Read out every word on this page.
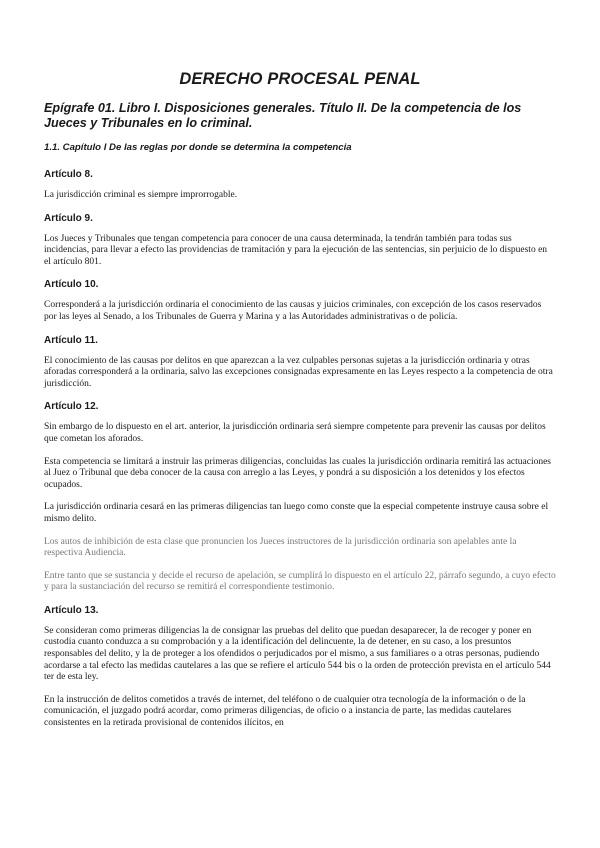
DERECHO PROCESAL PENAL
Epígrafe 01. Libro I. Disposiciones generales. Título II. De la competencia de los Jueces y Tribunales en lo criminal.
1.1. Capítulo I De las reglas por donde se determina la competencia
Artículo 8.

La jurisdicción criminal es siempre improrrogable.

Artículo 9.

Los Jueces y Tribunales que tengan competencia para conocer de una causa determinada, la tendrán también para todas sus incidencias, para llevar a efecto las providencias de tramitación y para la ejecución de las sentencias, sin perjuicio de lo dispuesto en el artículo 801.

Artículo 10.

Corresponderá a la jurisdicción ordinaria el conocimiento de las causas y juicios criminales, con excepción de los casos reservados por las leyes al Senado, a los Tribunales de Guerra y Marina y a las Autoridades administrativas o de policía.

Artículo 11.

El conocimiento de las causas por delitos en que aparezcan a la vez culpables personas sujetas a la jurisdicción ordinaria y otras aforadas corresponderá a la ordinaria, salvo las excepciones consignadas expresamente en las Leyes respecto a la competencia de otra jurisdicción.

Artículo 12.

Sin embargo de lo dispuesto en el art. anterior, la jurisdicción ordinaria será siempre competente para prevenir las causas por delitos que cometan los aforados.

Esta competencia se limitará a instruir las primeras diligencias, concluidas las cuales la jurisdicción ordinaria remitirá las actuaciones al Juez o Tribunal que deba conocer de la causa con arreglo a las Leyes, y pondrá a su disposición a los detenidos y los efectos ocupados.

La jurisdicción ordinaria cesará en las primeras diligencias tan luego como conste que la especial competente instruye causa sobre el mismo delito.

Los autos de inhibición de esta clase que pronuncien los Jueces instructores de la jurisdicción ordinaria son apelables ante la respectiva Audiencia.

Entre tanto que se sustancia y decide el recurso de apelación, se cumplirá lo dispuesto en el artículo 22, párrafo segundo, a cuyo efecto y para la sustanciación del recurso se remitirá el correspondiente testimonio.

Artículo 13.

Se consideran como primeras diligencias la de consignar las pruebas del delito que puedan desaparecer, la de recoger y poner en custodia cuanto conduzca a su comprobación y a la identificación del delincuente, la de detener, en su caso, a los presuntos responsables del delito, y la de proteger a los ofendidos o perjudicados por el mismo, a sus familiares o a otras personas, pudiendo acordarse a tal efecto las medidas cautelares a las que se refiere el artículo 544 bis o la orden de protección prevista en el artículo 544 ter de esta ley.

En la instrucción de delitos cometidos a través de internet, del teléfono o de cualquier otra tecnología de la información o de la comunicación, el juzgado podrá acordar, como primeras diligencias, de oficio o a instancia de parte, las medidas cautelares consistentes en la retirada provisional de contenidos ilícitos, en
